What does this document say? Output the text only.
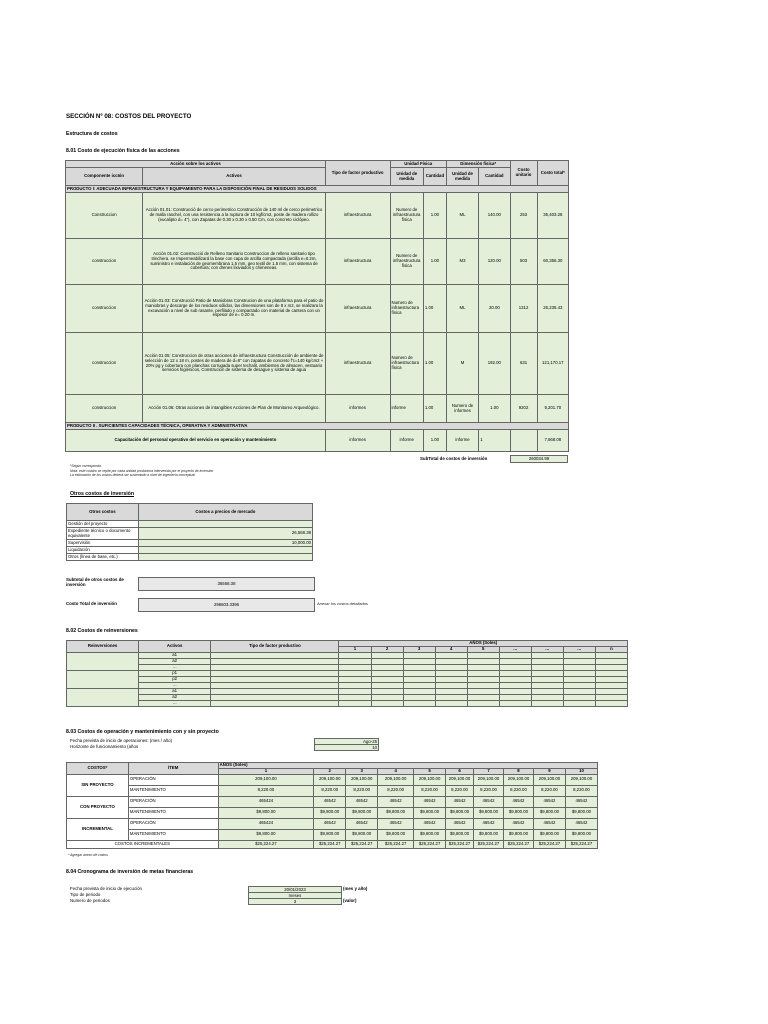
SECCIÓN Nº 08: COSTOS DEL PROYECTO
Estructura de costos
8.01 Costo de ejecución física de las acciones
Acción sobre los activos		Tipo de factor productivo	Unidad Física		Dimensión física*		Costo unitario	Costo total*
Componente iccIón	Activos		Unidad de medida	Cantidad	Unidad de medida	Cantidad		
PRODUCTO I: ADECUADA INFRAESTRUCTURA Y EQUIPAMIENTO PARA LA DISPOSICIÓN FINAL DE RESIDUOS SOLIDOS								
Construccion	Acción 01.01: Construcció de cerco perimetrico Construcción de 140 ml de cerco perimetrico de malla raschel, con una resistencia a la ruptura de 10 kgf/cm2, poste de madera rollizo (eucalipto d= 4"), con Zapatas de 0.30 x 0.30 x 0.50 Cm, con concreto ciclópeo.	infraestructura	Numero de infraestructura física	1.00	ML	140.00	253	35,403.28
construccion	Acción 01.02: Construcció de Relleno Sanitario Construccion de relleno sanitario tipo trinchera. se Impermeabilizará la base con capa de arcilla compactada (arcilla e=0.2m, suministro e instalación de geomembrana 1.5 mm, geo textil de 1.5 mm, con sistema de cobertura; con drenes lixiviados y chimeneas.	infraestructura	Numero de infraestructura física	1.00	M3	120.00	503	60,356.30
construccion	Acción 01.03: Construcció Patio de Maniobras Construcion de una plataforma para el patio de maniobras y descarge de los residuos sólidos, las dimensiones son de 8 x m2, se realizara la excavación a nivel de sub rasante, perfilado y compactado con material de cantera con un espesor de e= 0.20 m.	infraestructura	Numero de infraestructura física	1.00	ML	20.00	1312	26,235.43
construccion	Acción 01.05: Construccion de otras acciones de infraestructura Construcción de ambiente de selección de 12 x 18 m, postes de madera de d=8" con zapatas de concreto f'c=140 kg/cm2 + 20% pg y cobertura con planchas corrugada super techalit, ambientes de almacen, vestuario servicios higiénicos, Construcion de sistema de desague y sistema de agua	infraestructura	Numero de infraestructura física	1.00	M	192.00	631	121,170.17
construccion	Acción 01.06: Otras acciones de intangibles Acciones de Plan de Monitoreo Arqueológico.	informes	informe	1.00	Numero de informes	1.00	9202	9,201.70
PRODUCTO II . SUFICIENTES CAPACIDADES TÉCNICA, OPERATIVA Y ADMINISTRATIVA								
Capacitación del personal operativo del servicio en operación y mantenimiento		informes	informe	1.00	informe	1		7,668.08
SubTotal de costos de inversión	260034.99
*Según corresponda
Nota: este cuadro se repite por cada unidad productora intervenida por el proyecto de inversión
La estimación de los costos deberá ser sustentado a nivel de ingeniería conceptual
Otros costos de inversión
Otros costos	Costos a precios de mercado
Gestión del proyecto	
Expediente técnico o documento equivalente	26,568.38
Supervisión	10,000.00
Liquidación	
Otros (línea de base, etc.)	
Subtotal de otros costos de inversión	36568.38
Costo Total de inversión	296603.3396	Anexar los costos detallados
8.02 Costos de reinversiones
Reinversiones	Activos	Tipo de factor productivo	AÑOS (Soles)								
			1	2	3	4	5	…	…	…	n
	a1										
	a2										
	…										
	p1										
	p2										
	…										
	a1										
	a2										
	…										
8.03 Costos de operación y mantenimiento con y sin proyecto
Fecha prevista de inicio de operaciones: (mes / año)	Ago-25
Horizonte de funcionamiento (años	10
COSTOS*	ÍTEM	AÑOS (Soles)									
		1	2	3	4	5	6	7	8	9	10
SIN PROYECTO	OPERACIÓN	209,100.00	209,100.00	209,100.00	209,100.00	209,100.00	209,100.00	209,100.00	209,100.00	209,100.00	209,100.00
	MANTENIMIENTO	8,220.00	8,220.00	8,220.00	8,220.00	8,220.00	8,220.00	8,220.00	8,220.00	8,220.00	8,220.00
CON PROYECTO	OPERACIÓN	465424	46542	46542	46542	46542	46542	46542	46542	46542	46542
	MANTENIMIENTO	$9,800.00	$9,800.00	$9,800.00	$9,800.00	$9,800.00	$9,800.00	$9,800.00	$9,800.00	$9,800.00	$9,800.00
INCREMENTAL	OPERACIÓN	465424	46542	46542	46542	46542	46542	46542	46542	46542	46542
	MANTENIMIENTO	$9,800.00	$9,800.00	$9,800.00	$9,800.00	$9,800.00	$9,800.00	$9,800.00	$9,800.00	$9,800.00	$9,800.00
COSTOS INCREMENTALES		$25,224.27	$25,224.27	$25,224.27	$25,224.27	$25,224.27	$25,224.27	$25,224.27	$25,224.27	$25,224.27	$25,224.27
* Agregar anexo de costos
8.04 Cronograma de inversión de metas financieras
Fecha prevista de inicio de ejecución	20/01/2023	(mes y año)
Tipo de periodo	meses
Numero de periodos	3	(valor)
